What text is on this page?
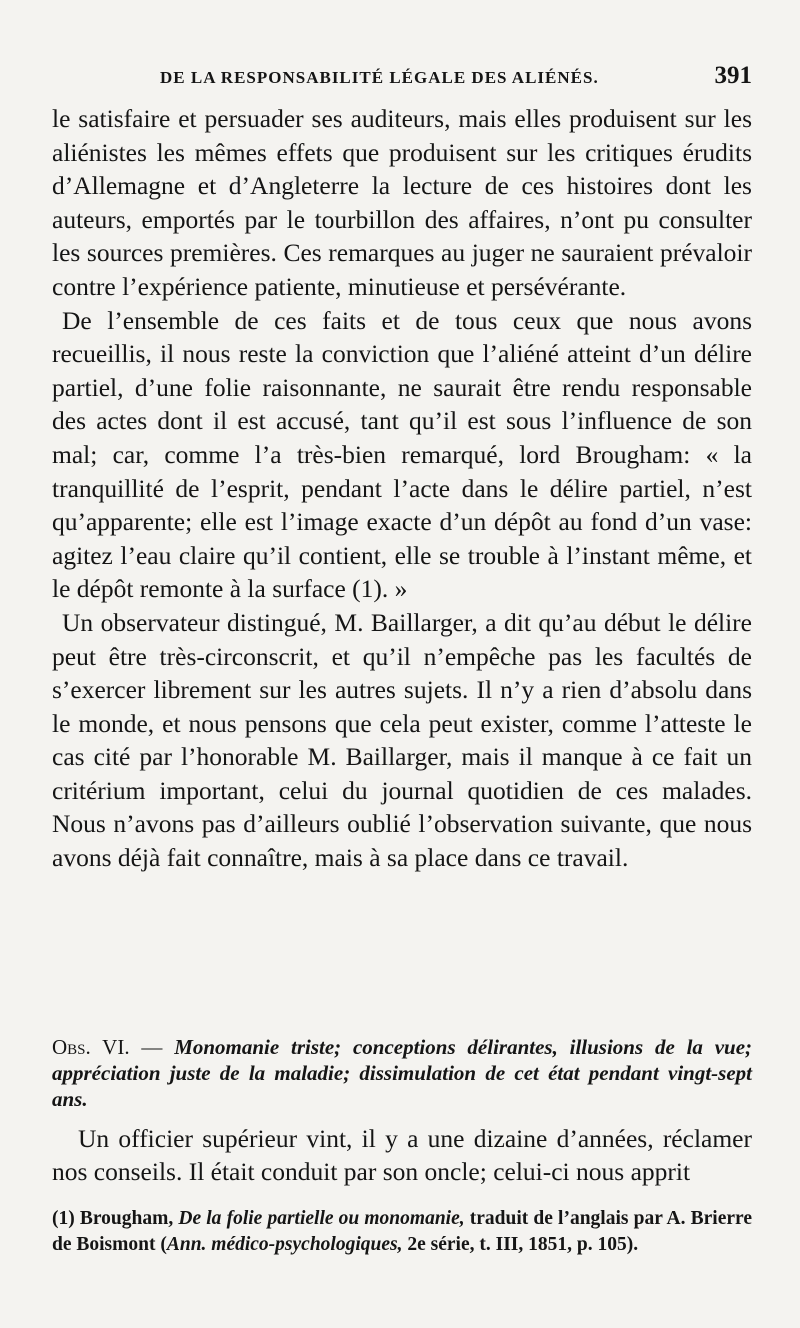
DE LA RESPONSABILITÉ LÉGALE DES ALIÉNÉS.	391

le satisfaire et persuader ses auditeurs, mais elles produisent sur les aliénistes les mêmes effets que produisent sur les critiques érudits d’Allemagne et d’Angleterre la lecture de ces histoires dont les auteurs, emportés par le tourbillon des affaires, n’ont pu consulter les sources premières. Ces remarques au juger ne sauraient prévaloir contre l’expérience patiente, minutieuse et persévérante.

De l’ensemble de ces faits et de tous ceux que nous avons recueillis, il nous reste la conviction que l’aliéné atteint d’un délire partiel, d’une folie raisonnante, ne saurait être rendu responsable des actes dont il est accusé, tant qu’il est sous l’influence de son mal; car, comme l’a très-bien remarqué, lord Brougham: « la tranquillité de l’esprit, pendant l’acte dans le délire partiel, n’est qu’apparente; elle est l’image exacte d’un dépôt au fond d’un vase: agitez l’eau claire qu’il contient, elle se trouble à l’instant même, et le dépôt remonte à la surface (1). »

Un observateur distingué, M. Baillarger, a dit qu’au début le délire peut être très-circonscrit, et qu’il n’empêche pas les facultés de s’exercer librement sur les autres sujets. Il n’y a rien d’absolu dans le monde, et nous pensons que cela peut exister, comme l’atteste le cas cité par l’honorable M. Baillarger, mais il manque à ce fait un critérium important, celui du journal quotidien de ces malades. Nous n’avons pas d’ailleurs oublié l’observation suivante, que nous avons déjà fait connaître, mais à sa place dans ce travail.

Obs. VI. — Monomanie triste; conceptions délirantes, illusions de la vue; appréciation juste de la maladie; dissimulation de cet état pendant vingt-sept ans.

Un officier supérieur vint, il y a une dizaine d’années, réclamer nos conseils. Il était conduit par son oncle; celui-ci nous apprit

(1) Brougham, De la folie partielle ou monomanie, traduit de l’anglais par A. Brierre de Boismont (Ann. médico-psychologiques, 2e série, t. III, 1851, p. 105).
